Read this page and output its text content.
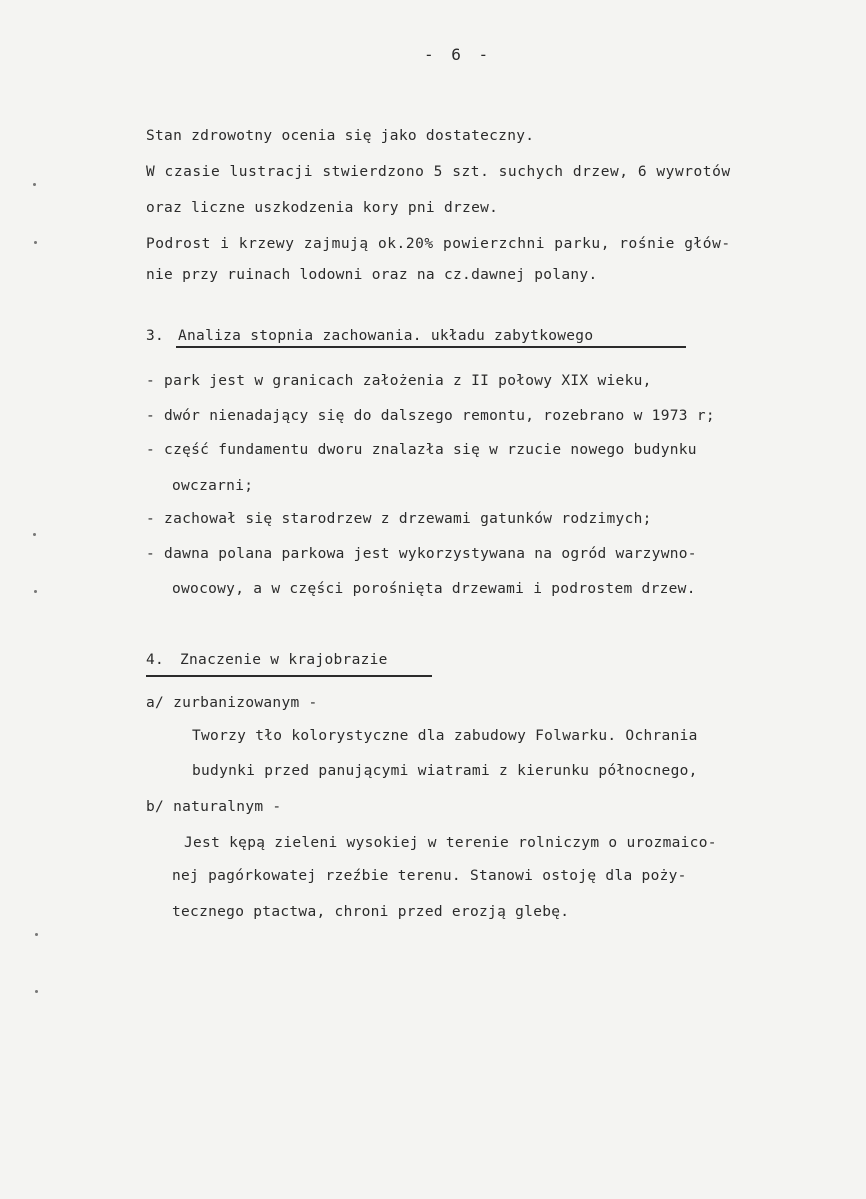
- 6 -
Stan zdrowotny ocenia się jako dostateczny.
W czasie lustracji stwierdzono 5 szt. suchych drzew, 6 wywrotów
oraz liczne uszkodzenia kory pni drzew.
Podrost i krzewy zajmują ok.20% powierzchni parku, rośnie głów-
nie przy ruinach lodowni oraz na cz.dawnej polany.
3. Analiza stopnia zachowania. układu zabytkowego
- park jest w granicach założenia z II połowy XIX wieku,
- dwór nienadający się do dalszego remontu, rozebrano w 1973 r;
- część fundamentu dworu znalazła się w rzucie nowego budynku
owczarni;
- zachował się starodrzew z drzewami gatunków rodzimych;
- dawna polana parkowa jest wykorzystywana na ogród warzywno-
owocowy, a w części porośnięta drzewami i podrostem drzew.
4. Znaczenie w krajobrazie
a/ zurbanizowanym -
Tworzy tło kolorystyczne dla zabudowy Folwarku. Ochrania
budynki przed panującymi wiatrami z kierunku północnego,
b/ naturalnym -
Jest kępą zieleni wysokiej w terenie rolniczym o urozmaico-
nej pagórkowatej rzeźbie terenu. Stanowi ostoję dla poży-
tecznego ptactwa, chroni przed erozją glebę.
